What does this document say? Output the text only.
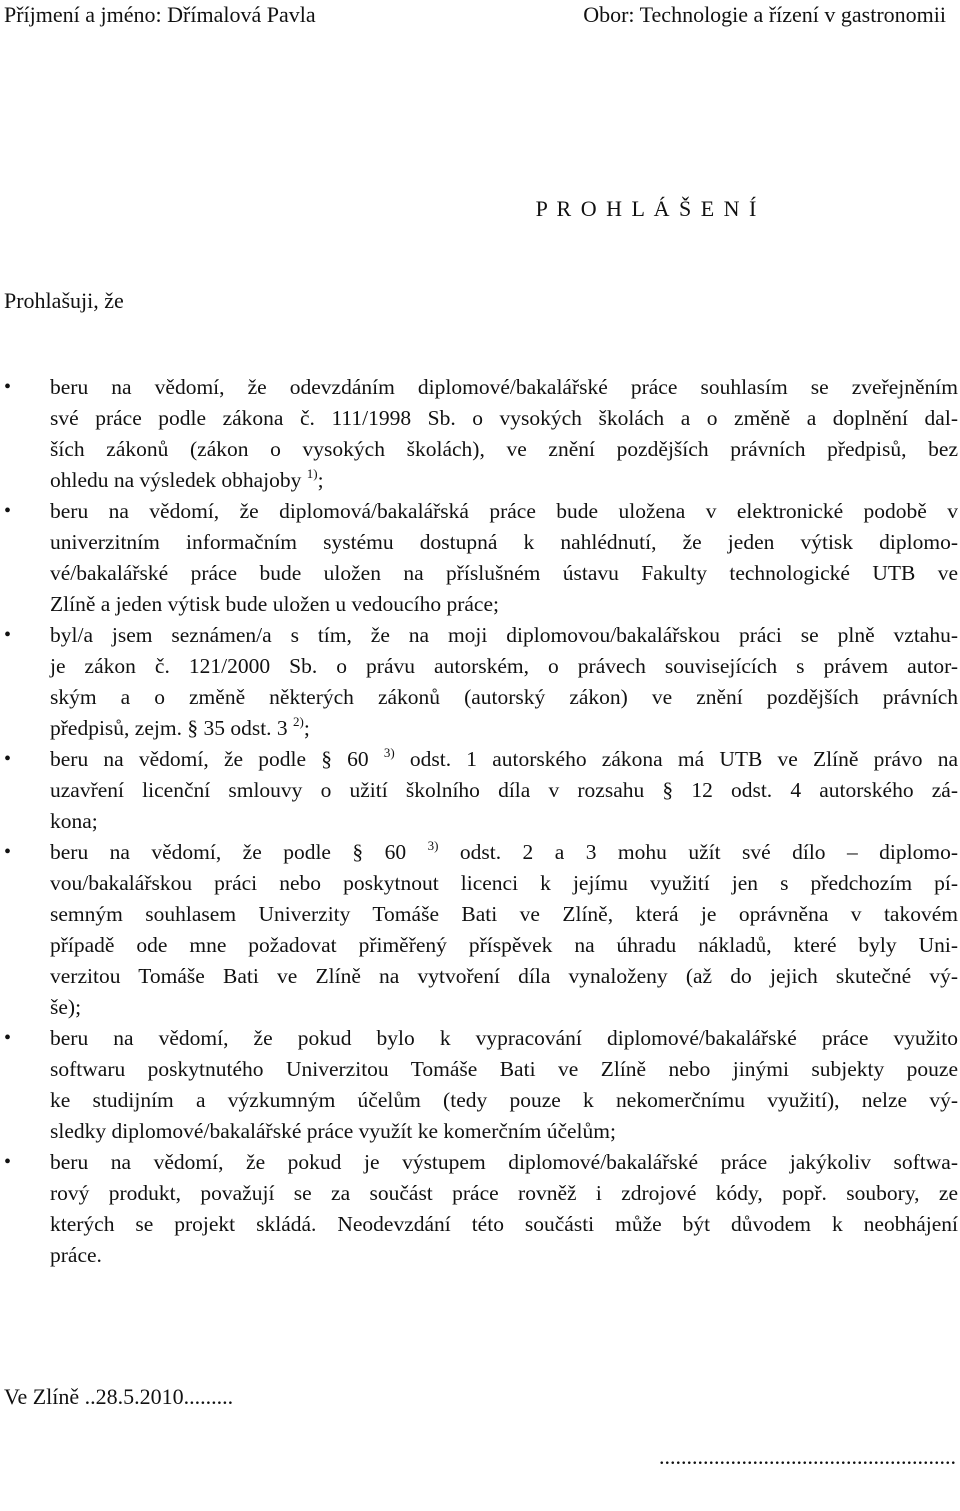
Příjmení a jméno: Dřímalová Pavla	Obor: Technologie a řízení v gastronomii
P R O H L Á Š E N Í
Prohlašuji, že
• beru na vědomí, že odevzdáním diplomové/bakalářské práce souhlasím se zveřejněním
své práce podle zákona č. 111/1998 Sb. o vysokých školách a o změně a doplnění dal-
ších zákonů (zákon o vysokých školách), ve znění pozdějších právních předpisů, bez
ohledu na výsledek obhajoby $^{1)}$;
• beru na vědomí, že diplomová/bakalářská práce bude uložena v elektronické podobě v
univerzitním informačním systému dostupná k nahlédnutí, že jeden výtisk diplomo-
vé/bakalářské práce bude uložen na příslušném ústavu Fakulty technologické UTB ve
Zlíně a jeden výtisk bude uložen u vedoucího práce;
• byl/a jsem seznámen/a s tím, že na moji diplomovou/bakalářskou práci se plně vztahu-
je zákon č. 121/2000 Sb. o právu autorském, o právech souvisejících s právem autor-
ským a o změně některých zákonů (autorský zákon) ve znění pozdějších právních
předpisů, zejm. § 35 odst. 3 $^{2)}$;
• beru na vědomí, že podle § 60 $^{3)}$ odst. 1 autorského zákona má UTB ve Zlíně právo na
uzavření licenční smlouvy o užití školního díla v rozsahu § 12 odst. 4 autorského zá-
kona;
• beru na vědomí, že podle § 60 $^{3)}$ odst. 2 a 3 mohu užít své dílo – diplomo-
vou/bakalářskou práci nebo poskytnout licenci k jejímu využití jen s předchozím pí-
semným souhlasem Univerzity Tomáše Bati ve Zlíně, která je oprávněna v takovém
případě ode mne požadovat přiměřený příspěvek na úhradu nákladů, které byly Uni-
verzitou Tomáše Bati ve Zlíně na vytvoření díla vynaloženy (až do jejich skutečné vý-
še);
• beru na vědomí, že pokud bylo k vypracování diplomové/bakalářské práce využito
softwaru poskytnutého Univerzitou Tomáše Bati ve Zlíně nebo jinými subjekty pouze
ke studijním a výzkumným účelům (tedy pouze k nekomerčnímu využití), nelze vý-
sledky diplomové/bakalářské práce využít ke komerčním účelům;
• beru na vědomí, že pokud je výstupem diplomové/bakalářské práce jakýkoliv softwa-
rový produkt, považují se za součást práce rovněž i zdrojové kódy, popř. soubory, ze
kterých se projekt skládá. Neodevzdání této součásti může být důvodem k neobhájení
práce.
Ve Zlíně ..28.5.2010.........
......................................................
